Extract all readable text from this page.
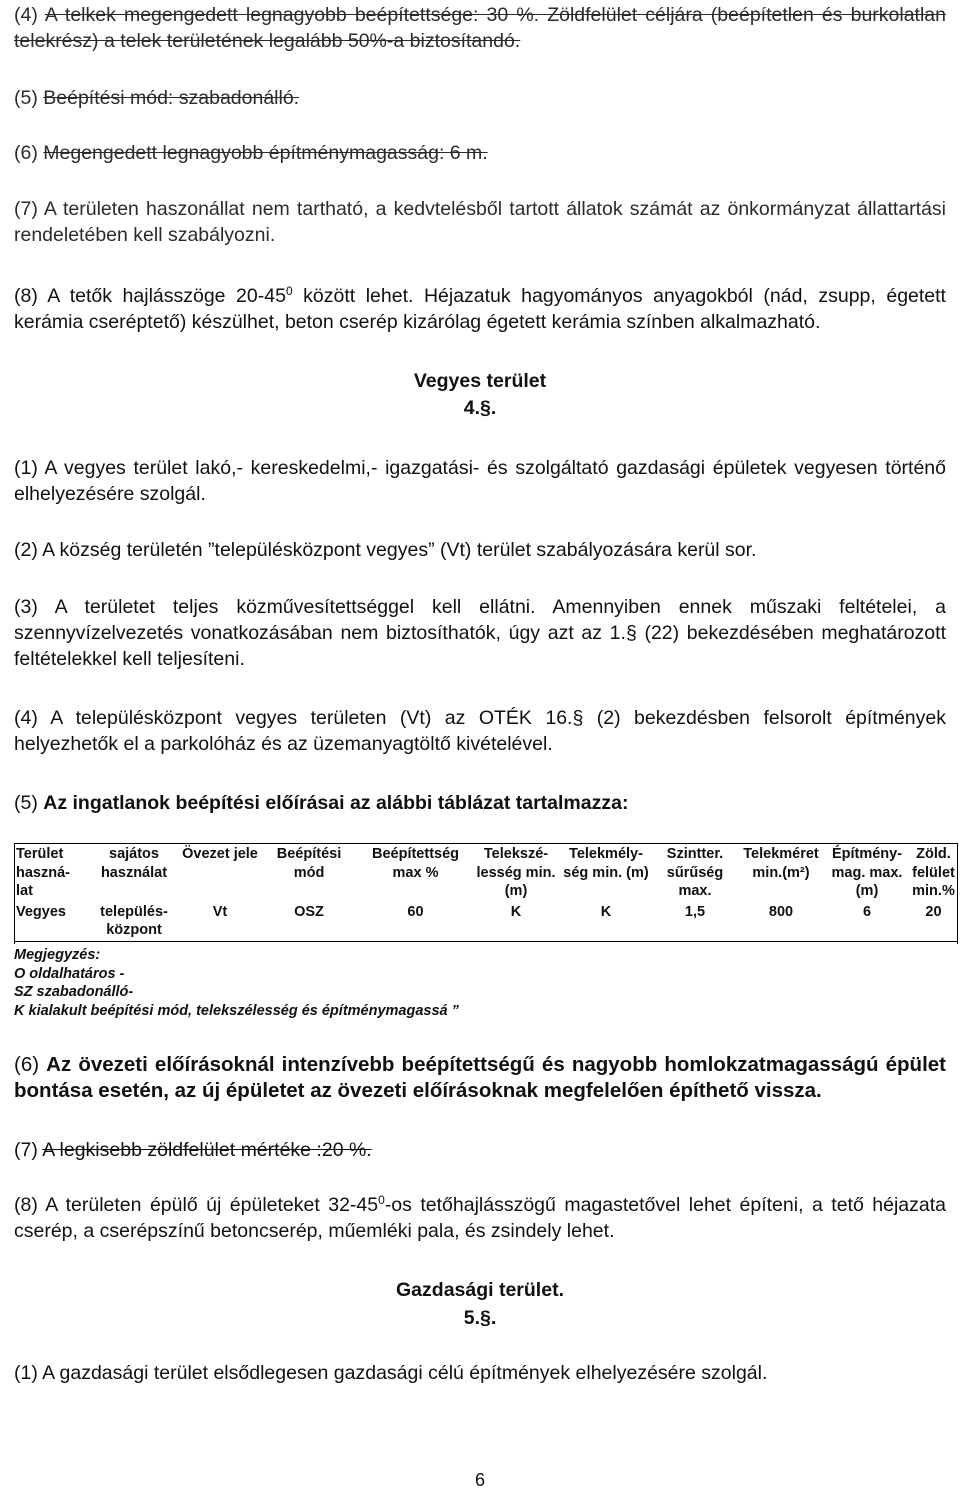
(4) A telkek megengedett legnagyobb beépítettsége: 30 %. Zöldfelület céljára (beépítetlen és burkolatlan telekrész) a telek területének legalább 50%-a biztosítandó.

(5) Beépítési mód: szabadonálló.

(6) Megengedett legnagyobb építménymagasság: 6 m.

(7) A területen haszonállat nem tartható, a kedvtelésből tartott állatok számát az önkormányzat állattartási rendeletében kell szabályozni.

(8) A tetők hajlásszöge $20-45^0$ között lehet. Héjazatuk hagyományos anyagokból (nád, zsupp, égetett kerámia cseréptető) készülhet, beton cserép kizárólag égetett kerámia színben alkalmazható.

Vegyes terület

4.§.

(1) A vegyes terület lakó,- kereskedelmi,- igazgatási- és szolgáltató gazdasági épületek vegyesen történő elhelyezésére szolgál.

(2) A község területén ”településközpont vegyes” (Vt) terület szabályozására kerül sor.

(3) A területet teljes közművesítettséggel kell ellátni. Amennyiben ennek műszaki feltételei, a szennyvízelvezetés vonatkozásában nem biztosíthatók, úgy azt az 1.§ (22) bekezdésében meghatározott feltételekkel kell teljesíteni.

(4) A településközpont vegyes területen (Vt) az OTÉK 16.§ (2) bekezdésben felsorolt építmények helyezhetők el a parkolóház és az üzemanyagtöltő kivételével.

(5) Az ingatlanok beépítési előírásai az alábbi táblázat tartalmazza:

Terület haszná-lat	sajátos használat	Övezet jele	Beépítési mód	Beépítettség max %	Telekszé-lesség min. (m)	Telekmély-ség min. (m)	Szintter. sűrűség max.	Telekméret min.(m²)	Építmény-mag. max.(m)	Zöld. felület min.%
Vegyes	település-központ	Vt	OSZ	60	K	K	1,5	800	6	20
Megjegyzés:
O oldalhatáros -
SZ szabadonálló-
K kialakult beépítési mód, telekszélesség és építménymagassá ”

(6) Az övezeti előírásoknál intenzívebb beépítettségű és nagyobb homlokzatmagasságú épület bontása esetén, az új épületet az övezeti előírásoknak megfelelően építhető vissza.

(7) A legkisebb zöldfelület mértéke :20 %.

(8) A területen épülő új épületeket $32-45^0-os$ tetőhajlásszögű magastetővel lehet építeni, a tető héjazata cserép, a cserépszínű betoncserép, műemléki pala, és zsindely lehet.

Gazdasági terület.

5.§.

(1) A gazdasági terület elsődlegesen gazdasági célú építmények elhelyezésére szolgál.

6
